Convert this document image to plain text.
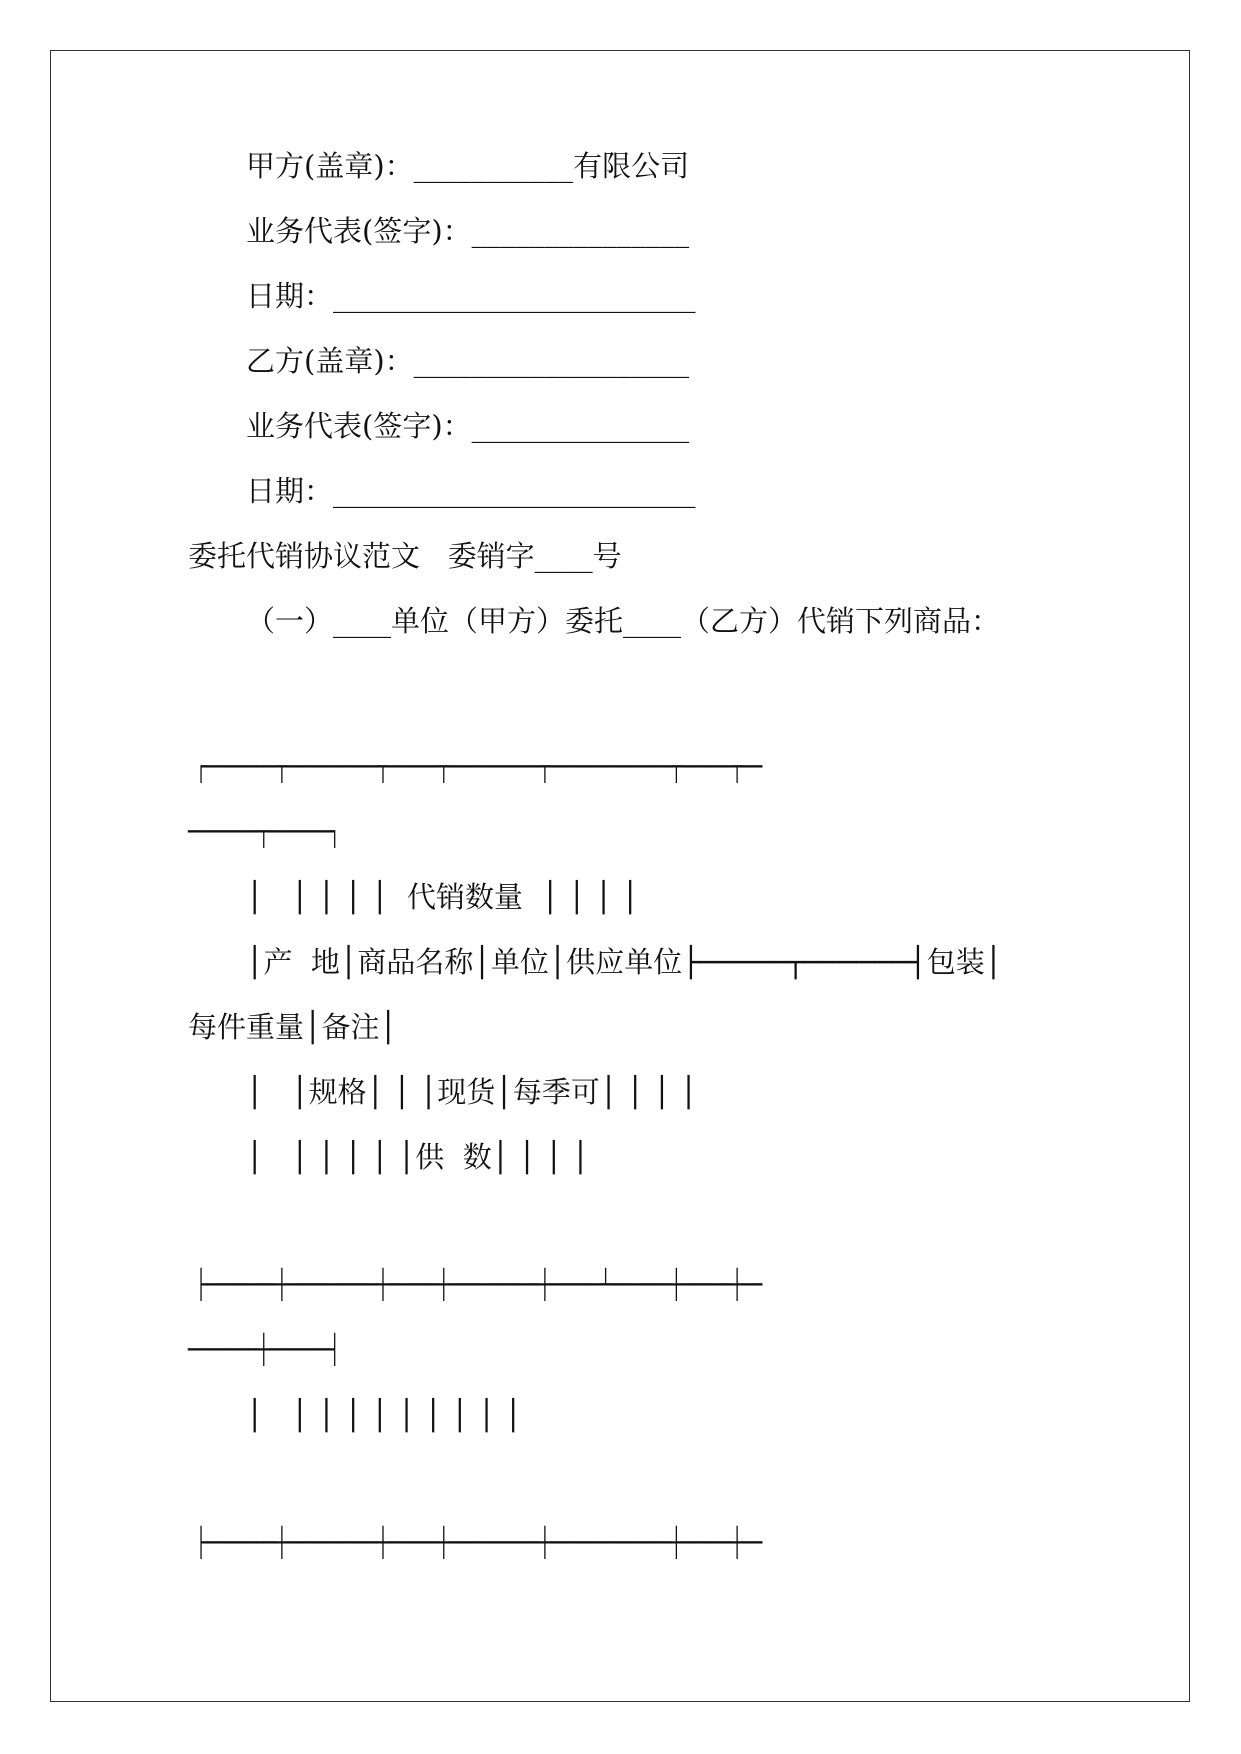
甲方(盖章)：___________有限公司
业务代表(签字)：_______________
日期：_________________________
乙方(盖章)：___________________
业务代表(签字)：_______________
日期：_________________________
委托代销协议范文   委销字____号
（一）____单位（甲方）委托____（乙方）代销下列商品：
┌───────┬─────────┬─────┬─────────┬────────────┬─────┬──
───────┬──────┐
│   │ │ │ │  代销数量  │ │ │ │
│产  地│商品名称│单位│供应单位├─────┬──────┤包装│
每件重量│备注│
│   │规格│ │ │现货│每季可│ │ │ │
│   │ │ │ │ │供  数│ │ │ │
├───────┼─────────┼─────┼─────────┼─────┴──────┼─────┼──
───────┼──────┤
│   │ │ │ │ │ │ │ │ │
├───────┼─────────┼─────┼─────────┼────────────┼─────┼──
